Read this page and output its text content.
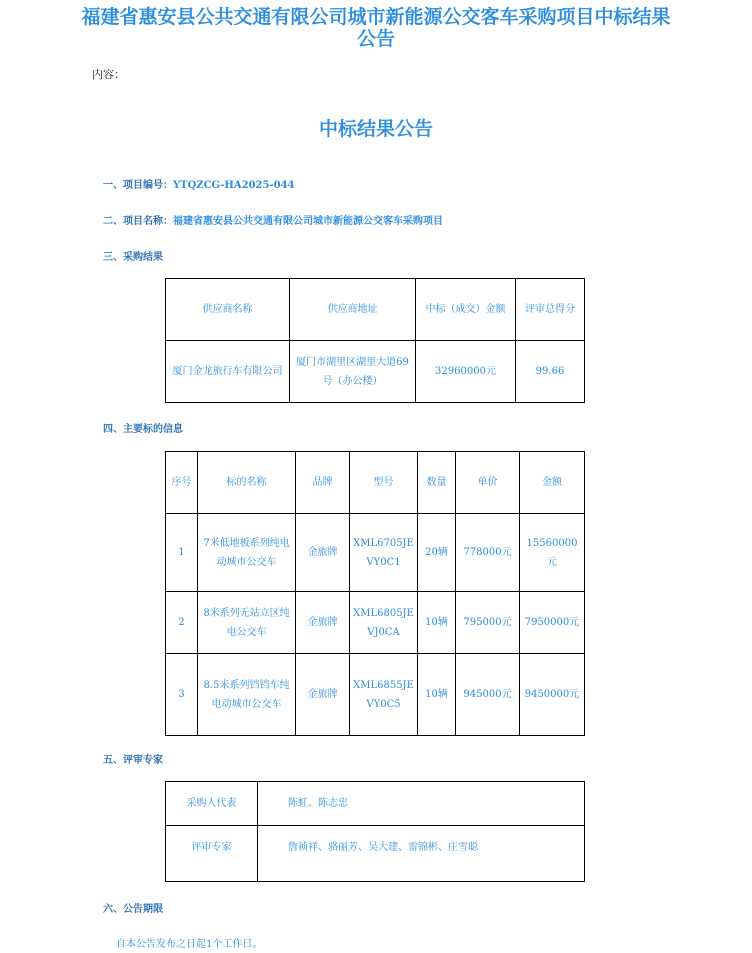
福建省惠安县公共交通有限公司城市新能源公交客车采购项目中标结果公告
内容：
中标结果公告
一、项目编号：YTQZCG-HA2025-044
二、项目名称：福建省惠安县公共交通有限公司城市新能源公交客车采购项目
三、采购结果
供应商名称	供应商地址	中标（成交）金额	评审总得分
厦门金龙旅行车有限公司	厦门市湖里区湖里大道69号（办公楼）	32960000元	99.66
四、主要标的信息
序号	标的名称	品牌	型号	数量	单价	金额
1	7米低地板系列纯电动城市公交车	金旅牌	XML6705JEVY0C1	20辆	778000元	15560000元
2	8米系列无站立区纯电公交车	金旅牌	XML6805JEVJ0CA	10辆	795000元	7950000元
3	8.5米系列铛铛车纯电动城市公交车	金旅牌	XML6855JEVY0C5	10辆	945000元	9450000元
五、评审专家
采购人代表	陈虹、陈志忠
评审专家	詹祯祥、骆丽芳、吴大建、雷锦彬、庄雪聪
六、公告期限
自本公告发布之日起1个工作日。
